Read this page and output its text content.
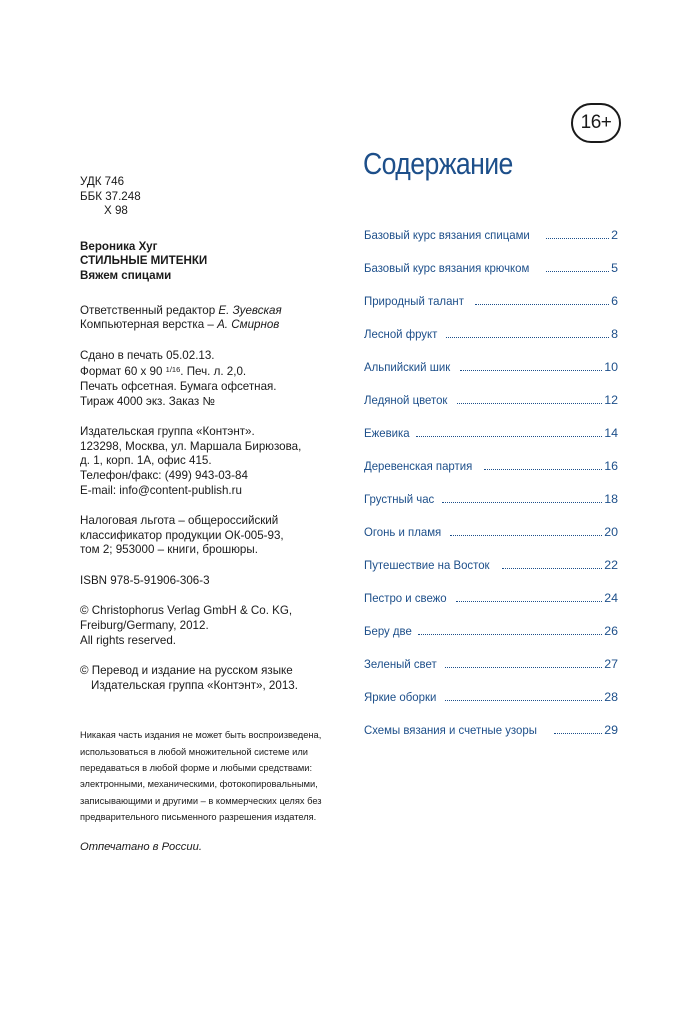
16+
УДК 746
ББК 37.248
Х 98
Вероника Хуг
СТИЛЬНЫЕ МИТЕНКИ
Вяжем спицами
Ответственный редактор Е. Зуевская
Компьютерная верстка – А. Смирнов
Сдано в печать 05.02.13.
Формат 60 х 90 $^{1/16}$. Печ. л. 2,0.
Печать офсетная. Бумага офсетная.
Тираж 4000 экз. Заказ №
Издательская группа «Контэнт».
123298, Москва, ул. Маршала Бирюзова,
д. 1, корп. 1А, офис 415.
Телефон/факс: (499) 943-03-84
E-mail: info@content-publish.ru
Налоговая льгота – общероссийский
классификатор продукции ОК-005-93,
том 2; 953000 – книги, брошюры.
ISBN 978-5-91906-306-3
© Christophorus Verlag GmbH & Co. KG,
Freiburg/Germany, 2012.
All rights reserved.
© Перевод и издание на русском языке
Издательская группа «Контэнт», 2013.
Никакая часть издания не может быть воспроизведена,
использоваться в любой множительной системе или
передаваться в любой форме и любыми средствами:
электронными, механическими, фотокопировальными,
записывающими и другими – в коммерческих целях без
предварительного письменного разрешения издателя.
Отпечатано в России.
Содержание
Базовый курс вязания спицами	2
Базовый курс вязания крючком	5
Природный талант	6
Лесной фрукт	8
Альпийский шик	10
Ледяной цветок	12
Ежевика	14
Деревенская партия	16
Грустный час	18
Огонь и пламя	20
Путешествие на Восток	22
Пестро и свежо	24
Беру две	26
Зеленый свет	27
Яркие оборки	28
Схемы вязания и счетные узоры	29
